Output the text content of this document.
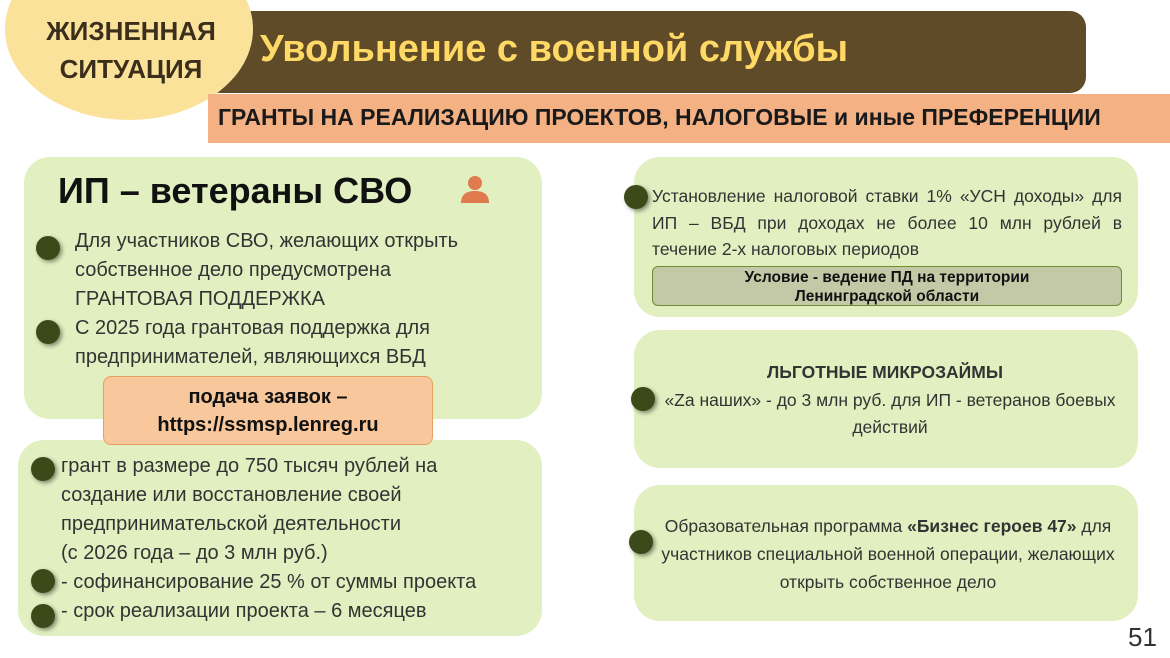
ЖИЗНЕННАЯ
СИТУАЦИЯ	Увольнение с военной службы
ГРАНТЫ НА РЕАЛИЗАЦИЮ ПРОЕКТОВ, НАЛОГОВЫЕ и иные ПРЕФЕРЕНЦИИ
ИП – ветераны СВО
Для участников СВО, желающих открыть
собственное дело предусмотрена
ГРАНТОВАЯ ПОДДЕРЖКА
С 2025 года грантовая поддержка для
предпринимателей, являющихся ВБД
подача заявок –
https://ssmsp.lenreg.ru
грант в размере до 750 тысяч рублей на
создание или восстановление своей
предпринимательской деятельности
(с 2026 года – до 3 млн руб.)
- софинансирование 25 % от суммы проекта
- срок реализации проекта – 6 месяцев
Установление налоговой ставки 1% «УСН доходы» для ИП – ВБД при доходах не более 10 млн рублей в течение 2-х налоговых периодов
Условие - ведение ПД на территории
Ленинградской области
ЛЬГОТНЫЕ МИКРОЗАЙМЫ
«Zа наших» - до 3 млн руб. для ИП - ветеранов боевых действий
Образовательная программа «Бизнес героев 47» для участников специальной военной операции, желающих открыть собственное дело
51
